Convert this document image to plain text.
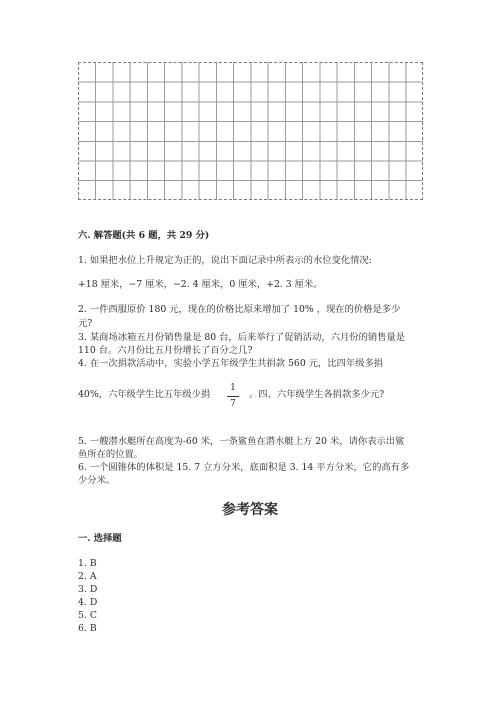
六. 解答题(共 6 题，共 29 分)
1. 如果把水位上升规定为正的，说出下面记录中所表示的水位变化情况:
+18 厘米，−7 厘米，−2. 4 厘米，0 厘米，+2. 3 厘米。
2. 一件西服原价 180 元，现在的价格比原来增加了 10% ，现在的价格是多少
元?
3. 某商场冰箱五月份销售量是 80 台，后来举行了促销活动，六月份的销售量是
110 台。六月份比五月份增长了百分之几?
4. 在一次捐款活动中，实验小学五年级学生共捐款 560 元，比四年级多捐
40%，六年级学生比五年级少捐
1
7
。四、六年级学生各捐款多少元?
5. 一艘潜水艇所在高度为-60 米，一条鲨鱼在潜水艇上方 20 米，请你表示出鲨
鱼所在的位置。
6. 一个圆锥体的体积是 15. 7 立方分米，底面积是 3. 14 平方分米，它的高有多
少分米。
参考答案
一. 选择题
1. B
2. A
3. D
4. D
5. C
6. B
